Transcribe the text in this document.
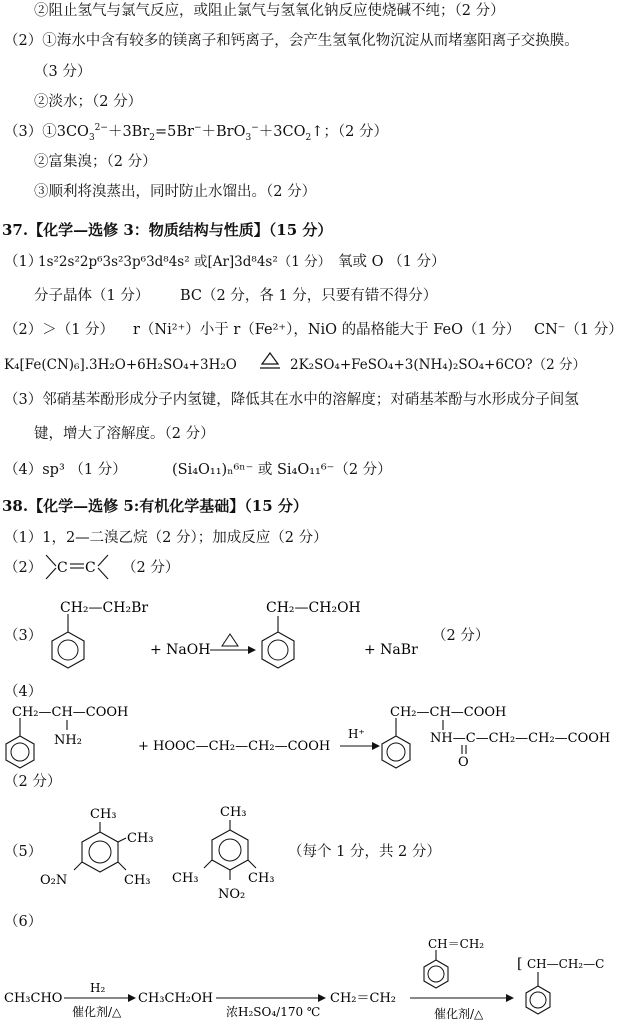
②阻止氢气与氯气反应，或阻止氯气与氢氧化钠反应使烧碱不纯；（2 分）
（2）①海水中含有较多的镁离子和钙离子，会产生氢氧化物沉淀从而堵塞阳离子交换膜。
（3 分）
②淡水；（2 分）
$(3)①3CO_3^{2-}+3Br_2=5Br^-+BrO_3^-+3CO_2↑$；（2 分）
②富集溴；（2 分）
③顺利将溴蒸出，同时防止水馏出。（2 分）
37.【化学—选修 3：物质结构与性质】（15 分）
（1）
1s²2s²2p⁶3s²3p⁶3d⁸4s² 或[Ar]3d⁸4s²（1 分） 氧或 O （1 分）
分子晶体（1 分） BC（2 分，各 1 分，只要有错不得分）
（2）＞（1 分） r（Ni²⁺）小于 r（Fe²⁺），NiO 的晶格能大于 FeO（1 分） CN⁻（1 分）
K₄[Fe(CN)₆].3H₂O+6H₂SO₄+3H₂O	2K₂SO₄+FeSO₄+3(NH₄)₂SO₄+6CO?（2 分）
（3）邻硝基苯酚形成分子内氢键，降低其在水中的溶解度；对硝基苯酚与水形成分子间氢
键，增大了溶解度。（2 分）
（4）sp³ （1 分）	(Si₄O₁₁)ₙ⁶ⁿ⁻ 或 Si₄O₁₁⁶⁻（2 分）
38.【化学—选修 5:有机化学基础】（15 分）
（1）1，2—二溴乙烷（2 分）；加成反应（2 分）
（2） C C （2 分）
（3）
CH₂—CH₂Br
+ NaOH
CH₂—CH₂OH
+ NaBr
（2 分）
（4）
CH₂—CH—COOH
NH₂	+ HOOC—CH₂—CH₂—COOH
H⁺
CH₂—CH—COOH
NH—C—CH₂—CH₂—COOH
O
（2 分）
（5）
CH₃
CH₃
CH₃
O₂N
CH₃
CH₃	CH₃
NO₂
（每个 1 分，共 2 分）
（6）
CH₃CHO
H₂
催化剂/△
CH₃CH₂OH
浓H₂SO₄/170 ℃
CH₂＝CH₂
CH＝CH₂
催化剂/△
[ CH—CH₂—C
